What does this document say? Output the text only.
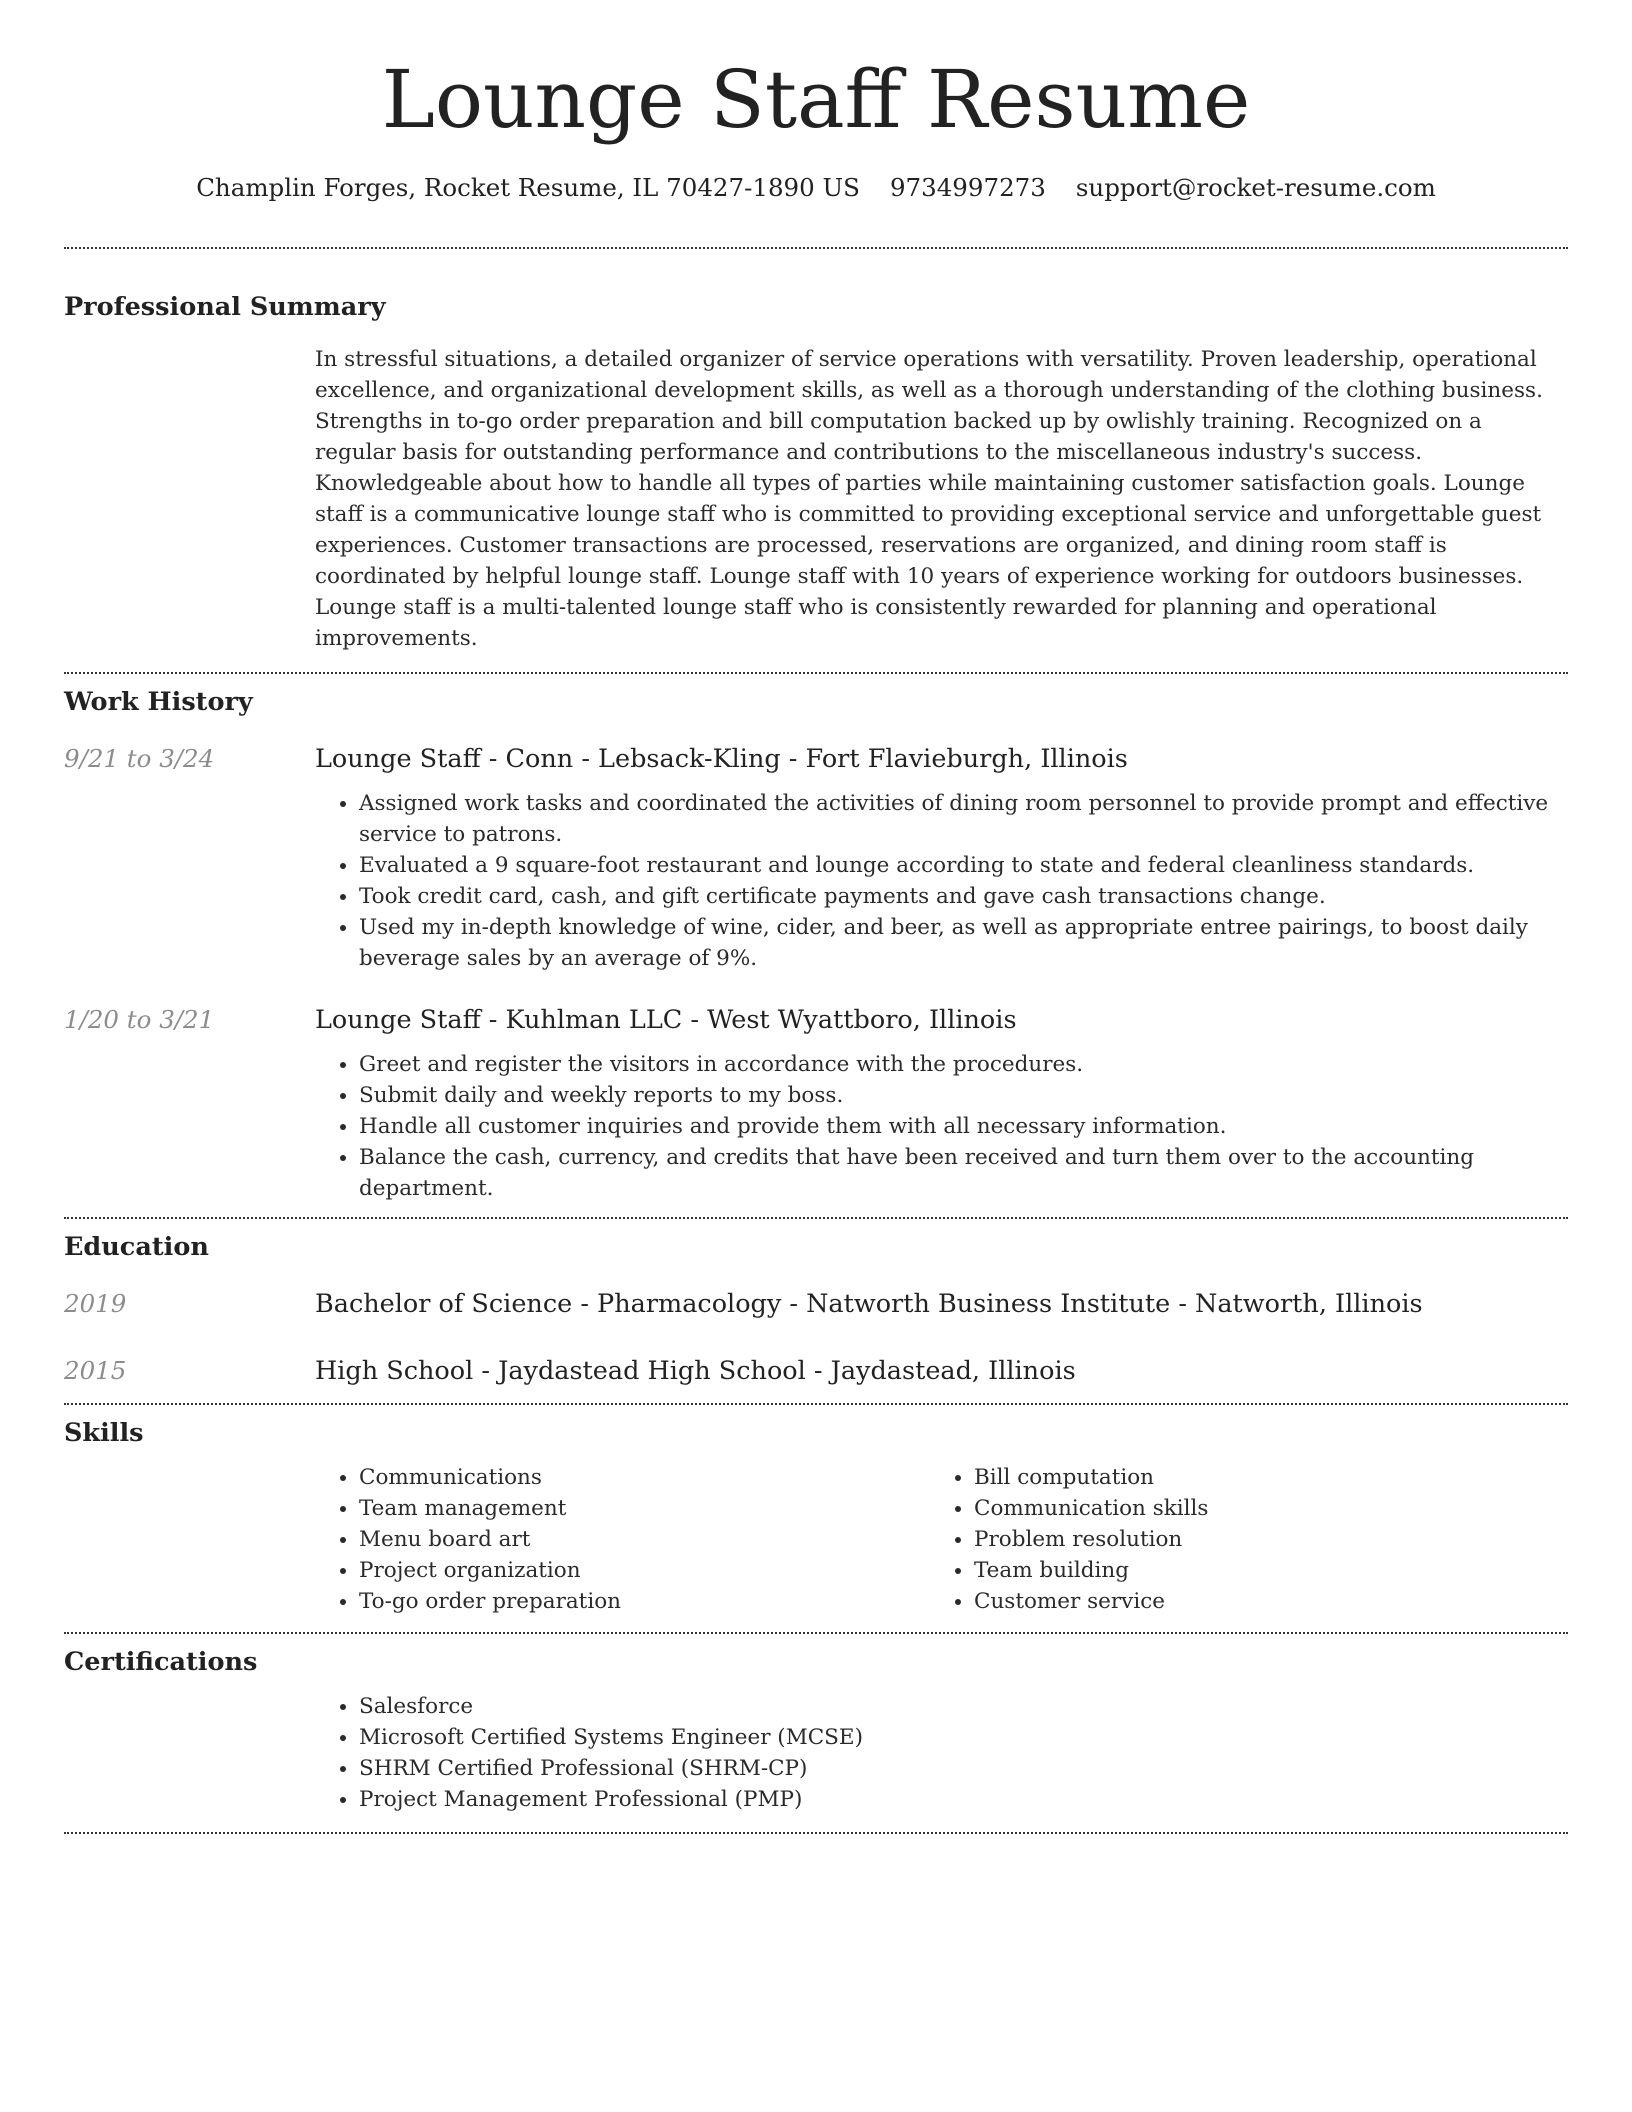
Lounge Staff Resume
Champlin Forges, Rocket Resume, IL 70427-1890 US 9734997273 support@rocket-resume.com
Professional Summary
In stressful situations, a detailed organizer of service operations with versatility. Proven leadership, operational excellence, and organizational development skills, as well as a thorough understanding of the clothing business. Strengths in to-go order preparation and bill computation backed up by owlishly training. Recognized on a regular basis for outstanding performance and contributions to the miscellaneous industry's success. Knowledgeable about how to handle all types of parties while maintaining customer satisfaction goals. Lounge staff is a communicative lounge staff who is committed to providing exceptional service and unforgettable guest experiences. Customer transactions are processed, reservations are organized, and dining room staff is coordinated by helpful lounge staff. Lounge staff with 10 years of experience working for outdoors businesses. Lounge staff is a multi-talented lounge staff who is consistently rewarded for planning and operational improvements.
Work History
9/21 to 3/24	Lounge Staff - Conn - Lebsack-Kling - Fort Flavieburgh, Illinois
• Assigned work tasks and coordinated the activities of dining room personnel to provide prompt and effective service to patrons.
• Evaluated a 9 square-foot restaurant and lounge according to state and federal cleanliness standards.
• Took credit card, cash, and gift certificate payments and gave cash transactions change.
• Used my in-depth knowledge of wine, cider, and beer, as well as appropriate entree pairings, to boost daily beverage sales by an average of 9%.
1/20 to 3/21	Lounge Staff - Kuhlman LLC - West Wyattboro, Illinois
• Greet and register the visitors in accordance with the procedures.
• Submit daily and weekly reports to my boss.
• Handle all customer inquiries and provide them with all necessary information.
• Balance the cash, currency, and credits that have been received and turn them over to the accounting department.
Education
2019	Bachelor of Science - Pharmacology - Natworth Business Institute - Natworth, Illinois
2015	High School - Jaydastead High School - Jaydastead, Illinois
Skills
• Communications
• Team management
• Menu board art
• Project organization
• To-go order preparation
• Bill computation
• Communication skills
• Problem resolution
• Team building
• Customer service
Certifications
• Salesforce
• Microsoft Certified Systems Engineer (MCSE)
• SHRM Certified Professional (SHRM-CP)
• Project Management Professional (PMP)
